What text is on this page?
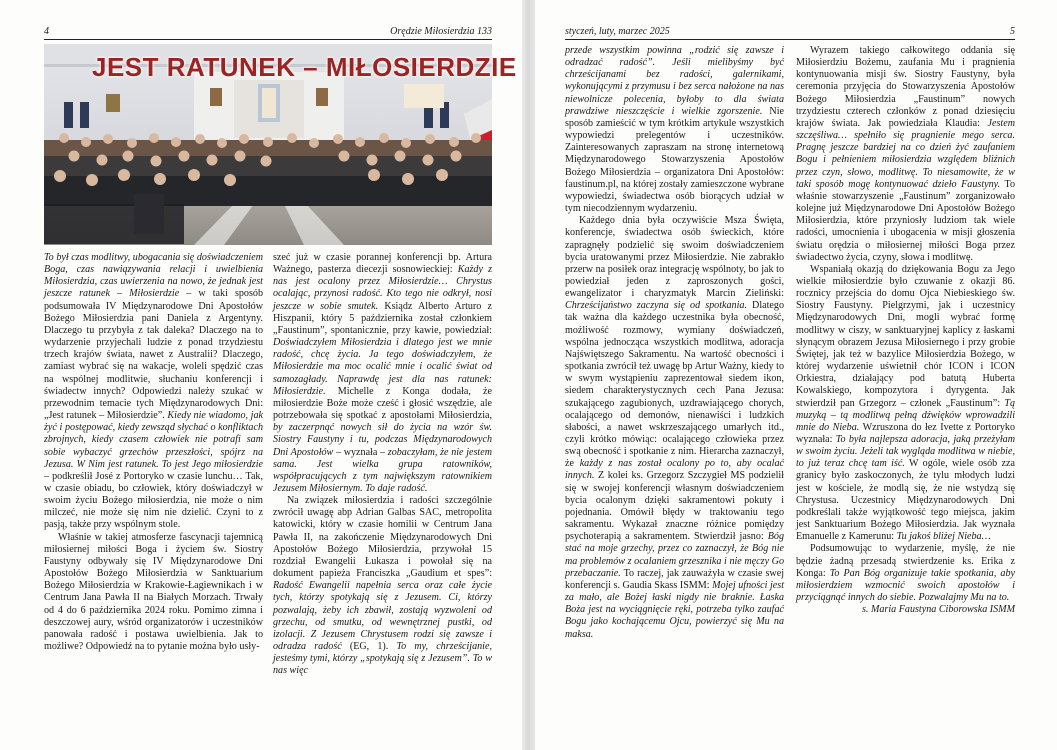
4	Orędzie Miłosierdzia 133
JEST RATUNEK – MIŁOSIERDZIE

To był czas modlitwy, ubogacania się doświadczeniem Boga, czas nawiązywania relacji i uwielbienia Miłosierdzia, czas uwierzenia na nowo, że jednak jest jeszcze ratunek – Miłosierdzie – w taki sposób podsumowała IV Międzynarodowe Dni Apostołów Bożego Miłosierdzia pani Daniela z Argentyny. Dlaczego tu przybyła z tak daleka? Dlaczego na to wydarzenie przyjechali ludzie z ponad trzydziestu trzech krajów świata, nawet z Australii? Dlaczego, zamiast wybrać się na wakacje, woleli spędzić czas na wspólnej modlitwie, słuchaniu konferencji i świadectw innych? Odpowiedzi należy szukać w przewodnim temacie tych Międzynarodowych Dni: „Jest ratunek – Miłosierdzie”. Kiedy nie wiadomo, jak żyć i postępować, kiedy zewsząd słychać o konfliktach zbrojnych, kiedy czasem człowiek nie potrafi sam sobie wybaczyć grzechów przeszłości, spójrz na Jezusa. W Nim jest ratunek. To jest Jego miłosierdzie – podkreślił José z Portoryko w czasie lunchu… Tak, w czasie obiadu, bo człowiek, który doświadczył w swoim życiu Bożego miłosierdzia, nie może o nim milczeć, nie może się nim nie dzielić. Czyni to z pasją, także przy wspólnym stole.

Właśnie w takiej atmosferze fascynacji tajemnicą miłosiernej miłości Boga i życiem św. Siostry Faustyny odbywały się IV Międzynarodowe Dni Apostołów Bożego Miłosierdzia w Sanktuarium Bożego Miłosierdzia w Krakowie-Łagiewnikach i w Centrum Jana Pawła II na Białych Morzach. Trwały od 4 do 6 października 2024 roku. Pomimo zimna i deszczowej aury, wśród organizatorów i uczestników panowała radość i postawa uwielbienia. Jak to możliwe? Odpowiedź na to pytanie można było usły-

szeć już w czasie porannej konferencji bp. Artura Ważnego, pasterza diecezji sosnowieckiej: Każdy z nas jest ocalony przez Miłosierdzie… Chrystus ocalając, przynosi radość. Kto tego nie odkrył, nosi jeszcze w sobie smutek. Ksiądz Alberto Arturo z Hiszpanii, który 5 października został członkiem „Faustinum”, spontanicznie, przy kawie, powiedział: Doświadczyłem Miłosierdzia i dlatego jest we mnie radość, chcę życia. Ja tego doświadczyłem, że Miłosierdzie ma moc ocalić mnie i ocalić świat od samozagłady. Naprawdę jest dla nas ratunek: Miłosierdzie. Michelle z Konga dodała, że miłosierdzie Boże może cześć i głosić wszędzie, ale potrzebowała się spotkać z apostołami Miłosierdzia, by zaczerpnąć nowych sił do życia na wzór św. Siostry Faustyny i tu, podczas Międzynarodowych Dni Apostołów – wyznała – zobaczyłam, że nie jestem sama. Jest wielka grupa ratowników, współpracujących z tym największym ratownikiem Jezusem Miłosiernym. To daje radość.

Na związek miłosierdzia i radości szczególnie zwrócił uwagę abp Adrian Galbas SAC, metropolita katowicki, który w czasie homilii w Centrum Jana Pawła II, na zakończenie Międzynarodowych Dni Apostołów Bożego Miłosierdzia, przywołał 15 rozdział Ewangelii Łukasza i powołał się na dokument papieża Franciszka „Gaudium et spes”: Radość Ewangelii napełnia serca oraz całe życie tych, którzy spotykają się z Jezusem. Ci, którzy pozwalają, żeby ich zbawił, zostają wyzwoleni od grzechu, od smutku, od wewnętrznej pustki, od izolacji. Z Jezusem Chrystusem rodzi się zawsze i odradza radość (EG, 1). To my, chrześcijanie, jesteśmy tymi, którzy „spotykają się z Jezusem”. To w nas więc

styczeń, luty, marzec 2025	5

przede wszystkim powinna „rodzić się zawsze i odradzać radość”. Jeśli mielibyśmy być chrześcijanami bez radości, galernikami, wykonującymi z przymusu i bez serca nałożone na nas niewolnicze polecenia, byłoby to dla świata prawdziwe nieszczęście i wielkie zgorszenie. Nie sposób zamieścić w tym krótkim artykule wszystkich wypowiedzi prelegentów i uczestników. Zainteresowanych zapraszam na stronę internetową Międzynarodowego Stowarzyszenia Apostołów Bożego Miłosierdzia – organizatora Dni Apostołów: faustinum.pl, na której zostały zamieszczone wybrane wypowiedzi, świadectwa osób biorących udział w tym niecodziennym wydarzeniu.

Każdego dnia była oczywiście Msza Święta, konferencje, świadectwa osób świeckich, które zapragnęły podzielić się swoim doświadczeniem bycia uratowanymi przez Miłosierdzie. Nie zabrakło przerw na posiłek oraz integrację wspólnoty, bo jak to powiedział jeden z zaproszonych gości, ewangelizator i charyzmatyk Marcin Zieliński: Chrześcijaństwo zaczyna się od spotkania. Dlatego tak ważna dla każdego uczestnika była obecność, możliwość rozmowy, wymiany doświadczeń, wspólna jednocząca wszystkich modlitwa, adoracja Najświętszego Sakramentu. Na wartość obecności i spotkania zwrócił też uwagę bp Artur Ważny, kiedy to w swym wystąpieniu zaprezentował siedem ikon, siedem charakterystycznych cech Pana Jezusa: szukającego zagubionych, uzdrawiającego chorych, ocalającego od demonów, nienawiści i ludzkich słabości, a nawet wskrzeszającego umarłych itd., czyli krótko mówiąc: ocalającego człowieka przez swą obecność i spotkanie z nim. Hierarcha zaznaczył, że każdy z nas został ocalony po to, aby ocalać innych. Z kolei ks. Grzegorz Szczygieł MS podzielił się w swojej konferencji własnym doświadczeniem bycia ocalonym dzięki sakramentowi pokuty i pojednania. Omówił błędy w traktowaniu tego sakramentu. Wykazał znaczne różnice pomiędzy psychoterapią a sakramentem. Stwierdził jasno: Bóg stać na moje grzechy, przez co zaznaczył, że Bóg nie ma problemów z ocalaniem grzesznika i nie męczy Go przebaczanie. To raczej, jak zauważyła w czasie swej konferencji s. Gaudia Skass ISMM: Mojej ufności jest za mało, ale Bożej łaski nigdy nie braknie. Łaska Boża jest na wyciągnięcie ręki, potrzeba tylko zaufać Bogu jako kochającemu Ojcu, powierzyć się Mu na maksa.

Wyrazem takiego całkowitego oddania się Miłosierdziu Bożemu, zaufania Mu i pragnienia kontynuowania misji św. Siostry Faustyny, była ceremonia przyjęcia do Stowarzyszenia Apostołów Bożego Miłosierdzia „Faustinum” nowych trzydziestu czterech członków z ponad dziesięciu krajów świata. Jak powiedziała Klaudia: Jestem szczęśliwa… spełniło się pragnienie mego serca. Pragnę jeszcze bardziej na co dzień żyć zaufaniem Bogu i pełnieniem miłosierdzia względem bliźnich przez czyn, słowo, modlitwę. To niesamowite, że w taki sposób mogę kontynuować dzieło Faustyny. To właśnie stowarzyszenie „Faustinum” zorganizowało kolejne już Międzynarodowe Dni Apostołów Bożego Miłosierdzia, które przyniosły ludziom tak wiele radości, umocnienia i ubogacenia w misji głoszenia światu orędzia o miłosiernej miłości Boga przez świadectwo życia, czyny, słowa i modlitwę.

Wspaniałą okazją do dziękowania Bogu za Jego wielkie miłosierdzie było czuwanie z okazji 86. rocznicy przejścia do domu Ojca Niebieskiego św. Siostry Faustyny. Pielgrzymi, jak i uczestnicy Międzynarodowych Dni, mogli wybrać formę modlitwy w ciszy, w sanktuaryjnej kaplicy z łaskami słynącym obrazem Jezusa Miłosiernego i przy grobie Świętej, jak też w bazylice Miłosierdzia Bożego, w której wydarzenie uświetnił chór ICON i ICON Orkiestra, działający pod batutą Huberta Kowalskiego, kompozytora i dyrygenta. Jak stwierdził pan Grzegorz – członek „Faustinum”: Tą muzyką – tą modlitwą pełną dźwięków wprowadzili mnie do Nieba. Wzruszona do łez Ivette z Portoryko wyznała: To była najlepsza adoracja, jaką przeżyłam w swoim życiu. Jeżeli tak wygląda modlitwa w niebie, to już teraz chcę tam iść. W ogóle, wiele osób zza granicy było zaskoczonych, że tylu młodych ludzi jest w kościele, że modlą się, że nie wstydzą się Chrystusa. Uczestnicy Międzynarodowych Dni podkreślali także wyjątkowość tego miejsca, jakim jest Sanktuarium Bożego Miłosierdzia. Jak wyznała Emanuelle z Kamerunu: Tu jakoś bliżej Nieba…

Podsumowując to wydarzenie, myślę, że nie będzie żadną przesadą stwierdzenie ks. Erika z Konga: To Pan Bóg organizuje takie spotkania, aby miłosierdziem wzmocnić swoich apostołów i przyciągnąć innych do siebie. Pozwalajmy Mu na to.

s. Maria Faustyna Ciborowska ISMM
